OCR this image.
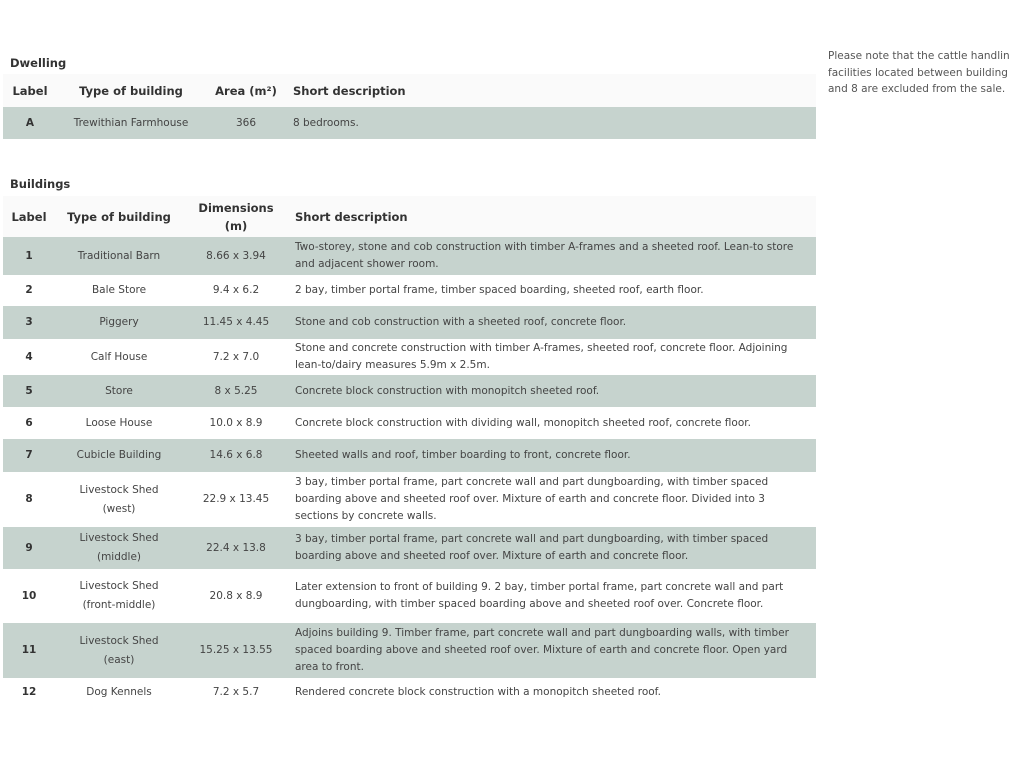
Dwelling
Label	Type of building	Area (m²)	Short description
A	Trewithian Farmhouse	366	8 bedrooms.
Buildings
Label	Type of building	Dimensions (m)	Short description
1	Traditional Barn	8.66 x 3.94	Two-storey, stone and cob construction with timber A-frames and a sheeted roof. Lean-to store and adjacent shower room.
2	Bale Store	9.4 x 6.2	2 bay, timber portal frame, timber spaced boarding, sheeted roof, earth floor.
3	Piggery	11.45 x 4.45	Stone and cob construction with a sheeted roof, concrete floor.
4	Calf House	7.2 x 7.0	Stone and concrete construction with timber A-frames, sheeted roof, concrete floor. Adjoining lean-to/dairy measures 5.9m x 2.5m.
5	Store	8 x 5.25	Concrete block construction with monopitch sheeted roof.
6	Loose House	10.0 x 8.9	Concrete block construction with dividing wall, monopitch sheeted roof, concrete floor.
7	Cubicle Building	14.6 x 6.8	Sheeted walls and roof, timber boarding to front, concrete floor.
8	Livestock Shed (west)	22.9 x 13.45	3 bay, timber portal frame, part concrete wall and part dungboarding, with timber spaced boarding above and sheeted roof over. Mixture of earth and concrete floor. Divided into 3 sections by concrete walls.
9	Livestock Shed (middle)	22.4 x 13.8	3 bay, timber portal frame, part concrete wall and part dungboarding, with timber spaced boarding above and sheeted roof over. Mixture of earth and concrete floor.
10	Livestock Shed (front-middle)	20.8 x 8.9	Later extension to front of building 9. 2 bay, timber portal frame, part concrete wall and part dungboarding, with timber spaced boarding above and sheeted roof over. Concrete floor.
11	Livestock Shed (east)	15.25 x 13.55	Adjoins building 9. Timber frame, part concrete wall and part dungboarding walls, with timber spaced boarding above and sheeted roof over. Mixture of earth and concrete floor. Open yard area to front.
12	Dog Kennels	7.2 x 5.7	Rendered concrete block construction with a monopitch sheeted roof.
Please note that the cattle handlin
facilities located between building
and 8 are excluded from the sale.
